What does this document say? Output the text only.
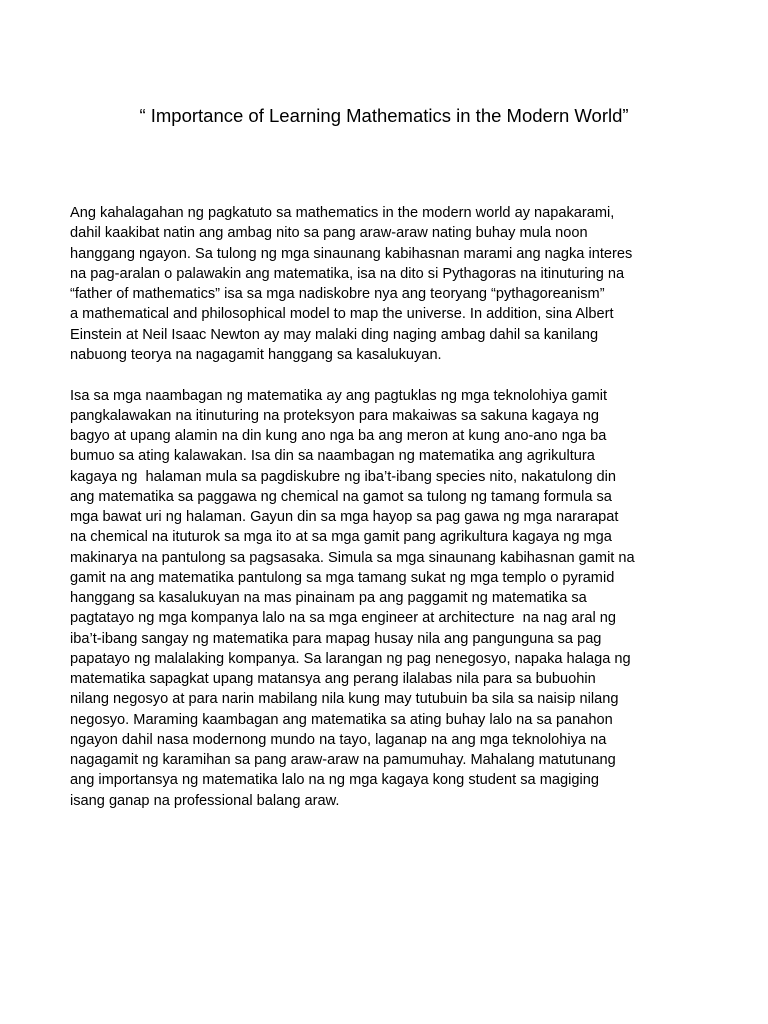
“ Importance of Learning Mathematics in the Modern World”
Ang kahalagahan ng pagkatuto sa mathematics in the modern world ay napakarami,
dahil kaakibat natin ang ambag nito sa pang araw-araw nating buhay mula noon
hanggang ngayon. Sa tulong ng mga sinaunang kabihasnan marami ang nagka interes
na pag-aralan o palawakin ang matematika, isa na dito si Pythagoras na itinuturing na
“father of mathematics” isa sa mga nadiskobre nya ang teoryang “pythagoreanism”
a mathematical and philosophical model to map the universe. In addition, sina Albert
Einstein at Neil Isaac Newton ay may malaki ding naging ambag dahil sa kanilang
nabuong teorya na nagagamit hanggang sa kasalukuyan.
Isa sa mga naambagan ng matematika ay ang pagtuklas ng mga teknolohiya gamit
pangkalawakan na itinuturing na proteksyon para makaiwas sa sakuna kagaya ng
bagyo at upang alamin na din kung ano nga ba ang meron at kung ano-ano nga ba
bumuo sa ating kalawakan. Isa din sa naambagan ng matematika ang agrikultura
kagaya ng  halaman mula sa pagdiskubre ng iba’t-ibang species nito, nakatulong din
ang matematika sa paggawa ng chemical na gamot sa tulong ng tamang formula sa
mga bawat uri ng halaman. Gayun din sa mga hayop sa pag gawa ng mga nararapat
na chemical na ituturok sa mga ito at sa mga gamit pang agrikultura kagaya ng mga
makinarya na pantulong sa pagsasaka. Simula sa mga sinaunang kabihasnan gamit na
gamit na ang matematika pantulong sa mga tamang sukat ng mga templo o pyramid
hanggang sa kasalukuyan na mas pinainam pa ang paggamit ng matematika sa
pagtatayo ng mga kompanya lalo na sa mga engineer at architecture  na nag aral ng
iba’t-ibang sangay ng matematika para mapag husay nila ang pangunguna sa pag
papatayo ng malalaking kompanya. Sa larangan ng pag nenegosyo, napaka halaga ng
matematika sapagkat upang matansya ang perang ilalabas nila para sa bubuohin
nilang negosyo at para narin mabilang nila kung may tutubuin ba sila sa naisip nilang
negosyo. Maraming kaambagan ang matematika sa ating buhay lalo na sa panahon
ngayon dahil nasa modernong mundo na tayo, laganap na ang mga teknolohiya na
nagagamit ng karamihan sa pang araw-araw na pamumuhay. Mahalang matutunang
ang importansya ng matematika lalo na ng mga kagaya kong student sa magiging
isang ganap na professional balang araw.
